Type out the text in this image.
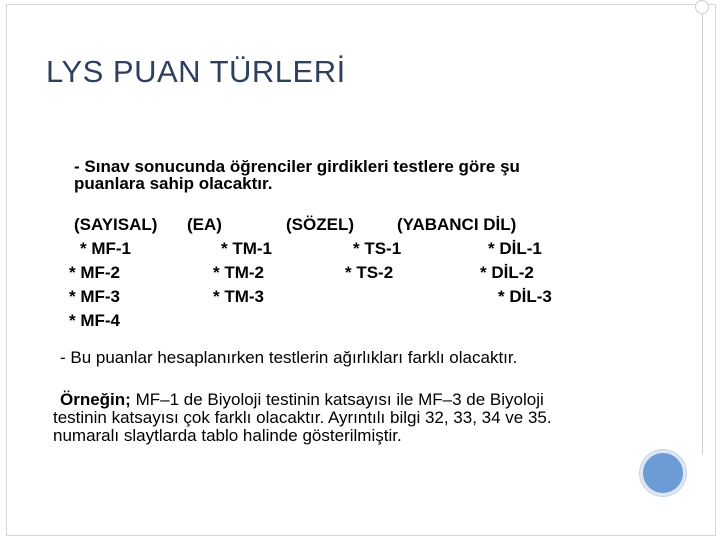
LYS PUAN TÜRLERİ
- Sınav sonucunda öğrenciler girdikleri testlere göre şu
puanlara sahip olacaktır.
(SAYISAL) (EA)	(SÖZEL)	(YABANCI DİL)
* MF-1
* MF-2
* MF-3
* MF-4
* TM-1
* TM-2
* TM-3
* TS-1
* TS-2
* DİL-1
* DİL-2
* DİL-3
- Bu puanlar hesaplanırken testlerin ağırlıkları farklı olacaktır.
Örneğin; MF–1 de Biyoloji testinin katsayısı ile MF–3 de Biyoloji
testinin katsayısı çok farklı olacaktır. Ayrıntılı bilgi 32, 33, 34 ve 35.
numaralı slaytlarda tablo halinde gösterilmiştir.
